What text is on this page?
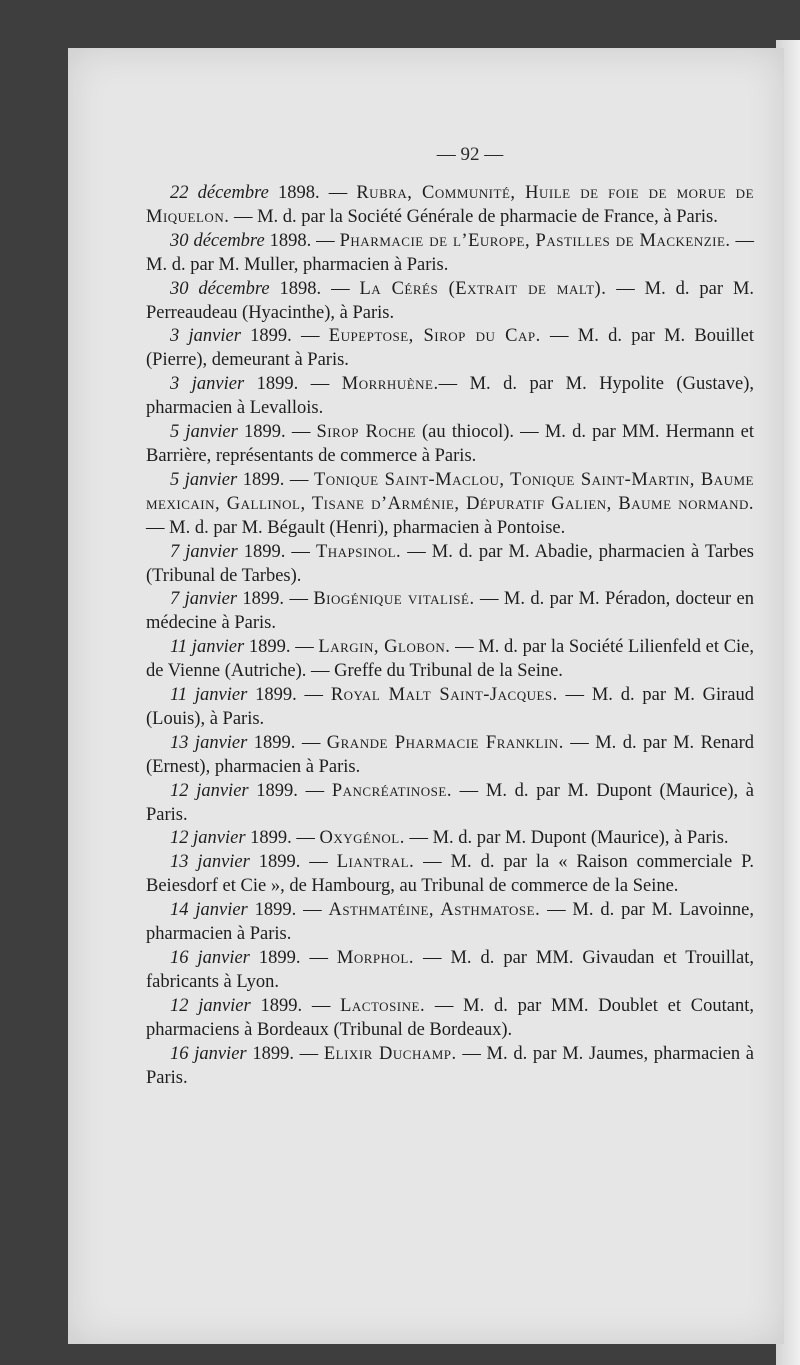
— 92 —

22 décembre 1898. — Rubra, Communité, Huile de foie de morue de Miquelon. — M. d. par la Société Générale de pharmacie de France, à Paris.

30 décembre 1898. — Pharmacie de l’Europe, Pastilles de Mackenzie. — M. d. par M. Muller, pharmacien à Paris.

30 décembre 1898. — La Cérés (Extrait de malt). — M. d. par M. Perreaudeau (Hyacinthe), à Paris.

3 janvier 1899. — Eupeptose, Sirop du Cap. — M. d. par M. Bouillet (Pierre), demeurant à Paris.

3 janvier 1899. — Morrhuène.— M. d. par M. Hypolite (Gustave), pharmacien à Levallois.

5 janvier 1899. — Sirop Roche (au thiocol). — M. d. par MM. Hermann et Barrière, représentants de commerce à Paris.

5 janvier 1899. — Tonique Saint-Maclou, Tonique Saint-Martin, Baume mexicain, Gallinol, Tisane d’Arménie, Dépuratif Galien, Baume normand. — M. d. par M. Bégault (Henri), pharmacien à Pontoise.

7 janvier 1899. — Thapsinol. — M. d. par M. Abadie, pharmacien à Tarbes (Tribunal de Tarbes).

7 janvier 1899. — Biogénique vitalisé. — M. d. par M. Péradon, docteur en médecine à Paris.

11 janvier 1899. — Largin, Globon. — M. d. par la Société Lilienfeld et Cie, de Vienne (Autriche). — Greffe du Tribunal de la Seine.

11 janvier 1899. — Royal Malt Saint-Jacques. — M. d. par M. Giraud (Louis), à Paris.

13 janvier 1899. — Grande Pharmacie Franklin. — M. d. par M. Renard (Ernest), pharmacien à Paris.

12 janvier 1899. — Pancréatinose. — M. d. par M. Dupont (Maurice), à Paris.

12 janvier 1899. — Oxygénol. — M. d. par M. Dupont (Maurice), à Paris.

13 janvier 1899. — Liantral. — M. d. par la « Raison commerciale P. Beiesdorf et Cie », de Hambourg, au Tribunal de commerce de la Seine.

14 janvier 1899. — Asthmatéine, Asthmatose. — M. d. par M. Lavoinne, pharmacien à Paris.

16 janvier 1899. — Morphol. — M. d. par MM. Givaudan et Trouillat, fabricants à Lyon.

12 janvier 1899. — Lactosine. — M. d. par MM. Doublet et Coutant, pharmaciens à Bordeaux (Tribunal de Bordeaux).

16 janvier 1899. — Elixir Duchamp. — M. d. par M. Jaumes, pharmacien à Paris.
